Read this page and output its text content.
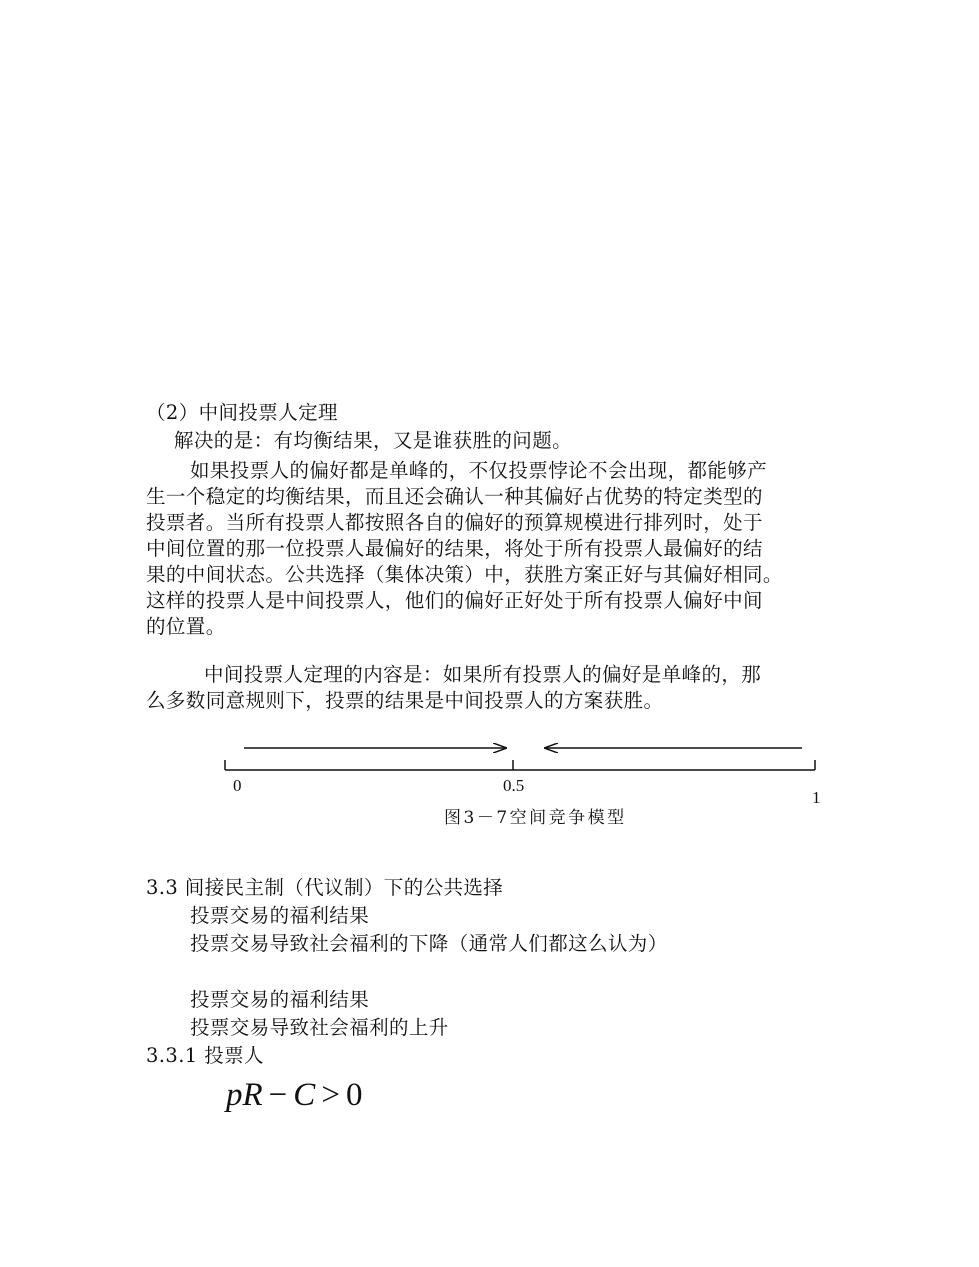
（2）中间投票人定理
解决的是：有均衡结果，又是谁获胜的问题。
如果投票人的偏好都是单峰的，不仅投票悖论不会出现，都能够产
生一个稳定的均衡结果，而且还会确认一种其偏好占优势的特定类型的
投票者。当所有投票人都按照各自的偏好的预算规模进行排列时，处于
中间位置的那一位投票人最偏好的结果，将处于所有投票人最偏好的结
果的中间状态。公共选择（集体决策）中，获胜方案正好与其偏好相同。
这样的投票人是中间投票人，他们的偏好正好处于所有投票人偏好中间
的位置。
中间投票人定理的内容是：如果所有投票人的偏好是单峰的，那
么多数同意规则下，投票的结果是中间投票人的方案获胜。
0	0.5
1
图3－7空间竞争模型
3.3 间接民主制（代议制）下的公共选择
投票交易的福利结果
投票交易导致社会福利的下降（通常人们都这么认为）
投票交易的福利结果
投票交易导致社会福利的上升
3.3.1 投票人
pR − C > 0
